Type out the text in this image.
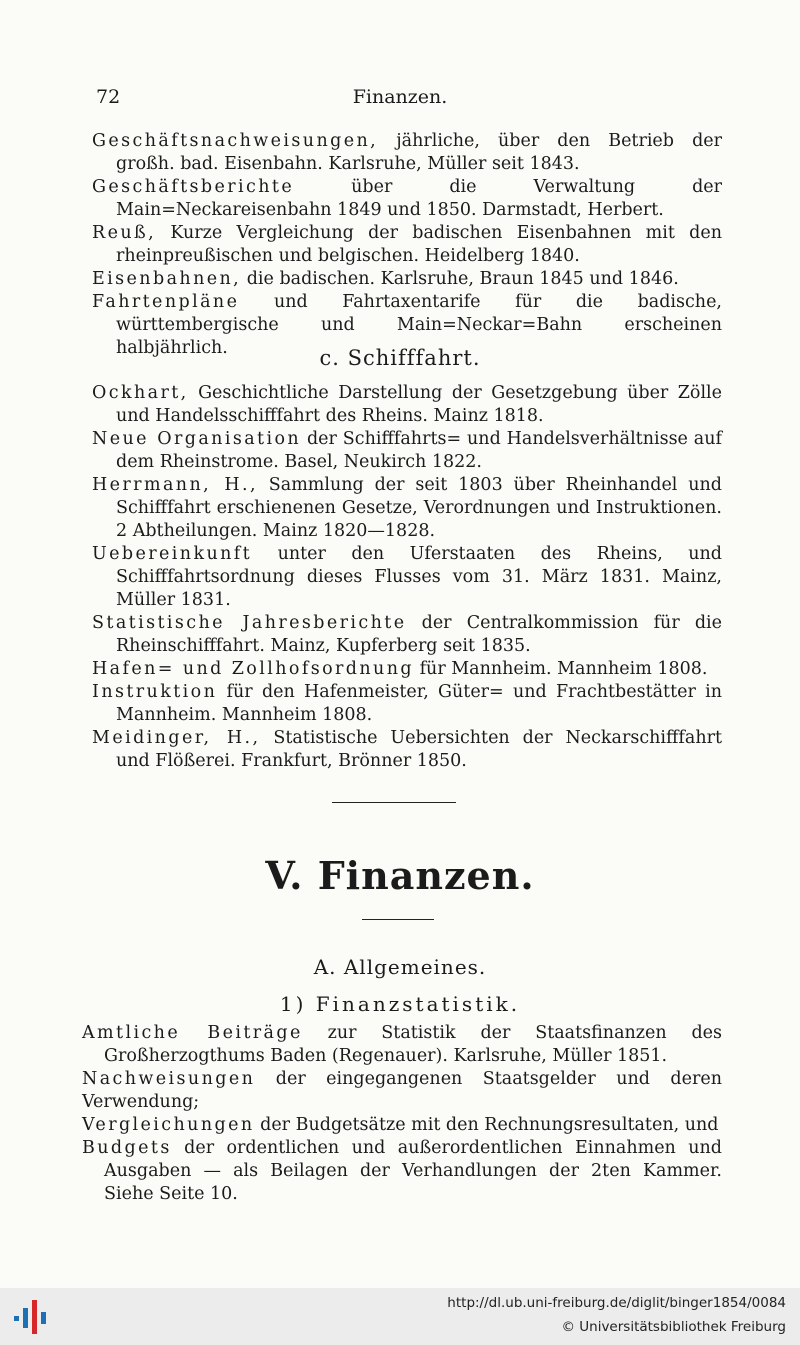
72	Finanzen.

Geschäftsnachweisungen, jährliche, über den Betrieb der großh. bad. Eisenbahn. Karlsruhe, Müller seit 1843.

Geschäftsberichte über die Verwaltung der Main=Neckareisenbahn 1849 und 1850. Darmstadt, Herbert.

Reuß, Kurze Vergleichung der badischen Eisenbahnen mit den rheinpreußischen und belgischen. Heidelberg 1840.

Eisenbahnen, die badischen. Karlsruhe, Braun 1845 und 1846.

Fahrtenpläne und Fahrtaxentarife für die badische, württembergische und Main=Neckar=Bahn erscheinen halbjährlich.	c. Schifffahrt.

Ockhart, Geschichtliche Darstellung der Gesetzgebung über Zölle und Handelsschifffahrt des Rheins. Mainz 1818.

Neue Organisation der Schifffahrts= und Handelsverhältnisse auf dem Rheinstrome. Basel, Neukirch 1822.

Herrmann, H., Sammlung der seit 1803 über Rheinhandel und Schifffahrt erschienenen Gesetze, Verordnungen und Instruktionen. 2 Abtheilungen. Mainz 1820—1828.

Uebereinkunft unter den Uferstaaten des Rheins, und Schifffahrtsordnung dieses Flusses vom 31. März 1831. Mainz, Müller 1831.

Statistische Jahresberichte der Centralkommission für die Rheinschifffahrt. Mainz, Kupferberg seit 1835.

Hafen= und Zollhofsordnung für Mannheim. Mannheim 1808.

Instruktion für den Hafenmeister, Güter= und Frachtbestätter in Mannheim. Mannheim 1808.

Meidinger, H., Statistische Uebersichten der Neckarschifffahrt und Flößerei. Frankfurt, Brönner 1850.

V. Finanzen.
A. Allgemeines.
1) Finanzstatistik.

Amtliche Beiträge zur Statistik der Staatsfinanzen des Großherzogthums Baden (Regenauer). Karlsruhe, Müller 1851.

Nachweisungen der eingegangenen Staatsgelder und deren Verwendung;

Vergleichungen der Budgetsätze mit den Rechnungsresultaten, und

Budgets der ordentlichen und außerordentlichen Einnahmen und Ausgaben — als Beilagen der Verhandlungen der 2ten Kammer. Siehe Seite 10.

http://dl.ub.uni-freiburg.de/diglit/binger1854/0084
© Universitätsbibliothek Freiburg
